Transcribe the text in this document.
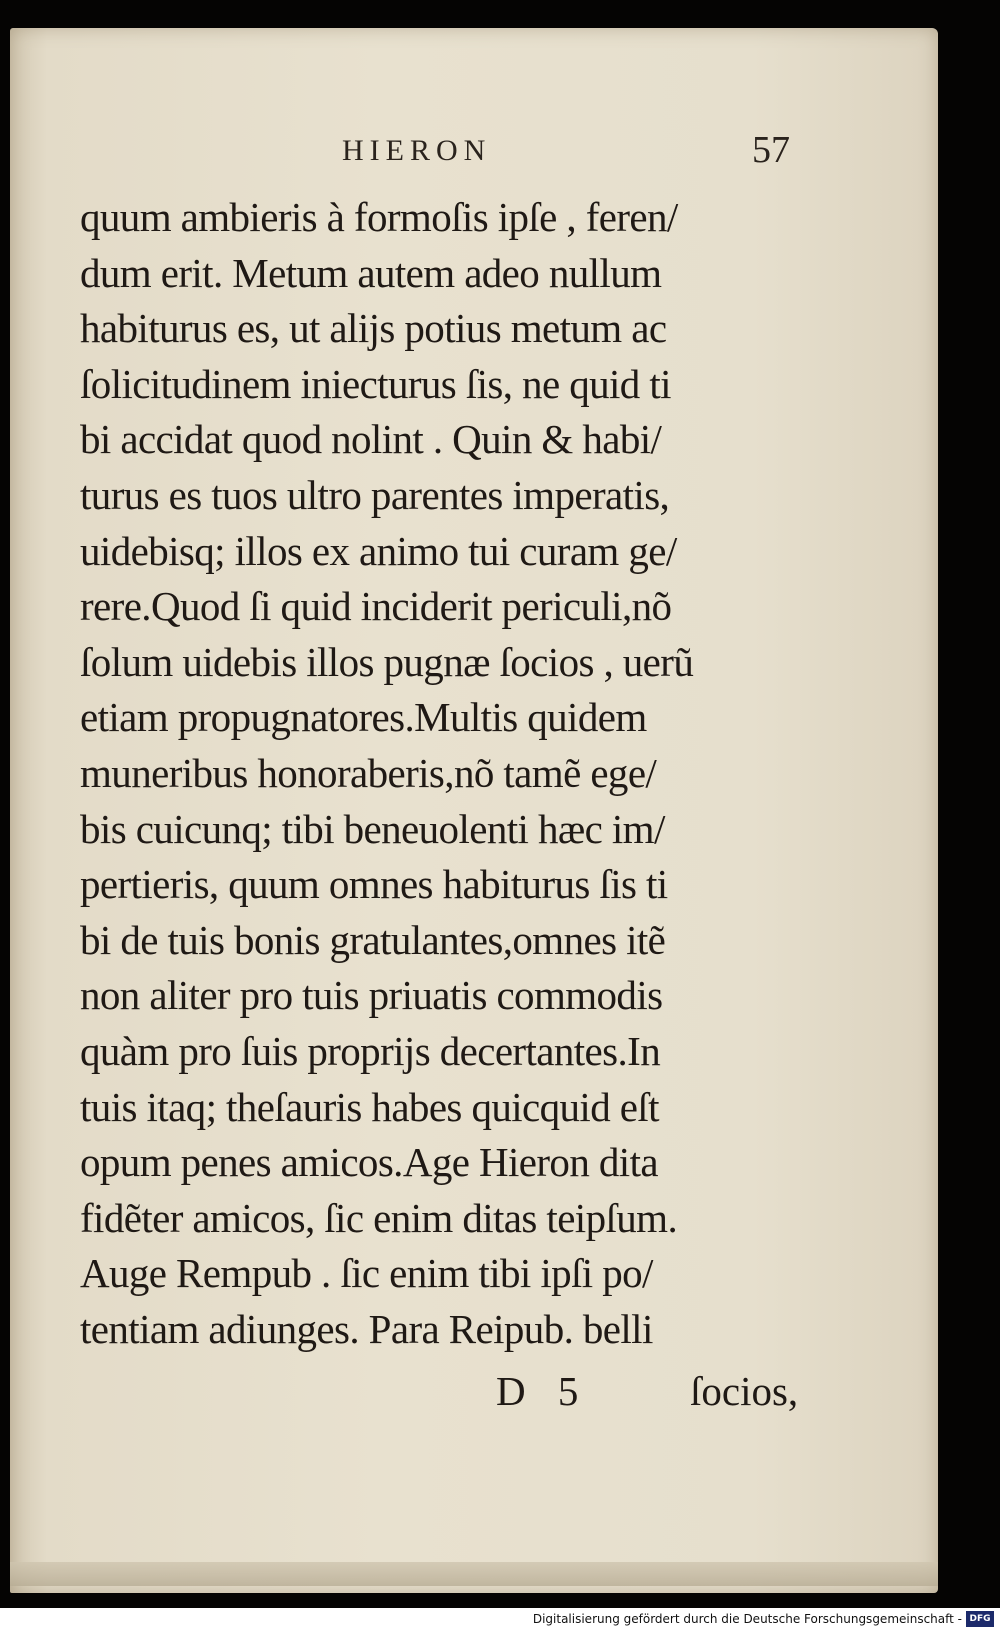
HIERON	57
quum ambieris à formoſis ipſe , feren/
dum erit. Metum autem adeo nullum
habiturus es, ut alijs potius metum ac
ſolicitudinem iniecturus ſis, ne quid ti
bi accidat quod nolint . Quin & habi/
turus es tuos ultro parentes imperatis,
uidebisq; illos ex animo tui curam ge/
rere.Quod ſi quid inciderit periculi,nõ
ſolum uidebis illos pugnæ ſocios , uerũ
etiam propugnatores.Multis quidem
muneribus honoraberis,nõ tamẽ ege/
bis cuicunq; tibi beneuolenti hæc im/
pertieris, quum omnes habiturus ſis ti
bi de tuis bonis gratulantes,omnes itẽ
non aliter pro tuis priuatis commodis
quàm pro ſuis proprijs decertantes.In
tuis itaq; theſauris habes quicquid eſt
opum penes amicos.Age Hieron dita
fidẽter amicos, ſic enim ditas teipſum.
Auge Rempub . ſic enim tibi ipſi po/
tentiam adiunges. Para Reipub. belli
D 5	ſocios,
Digitalisierung gefördert durch die Deutsche Forschungsgemeinschaft - DFG
